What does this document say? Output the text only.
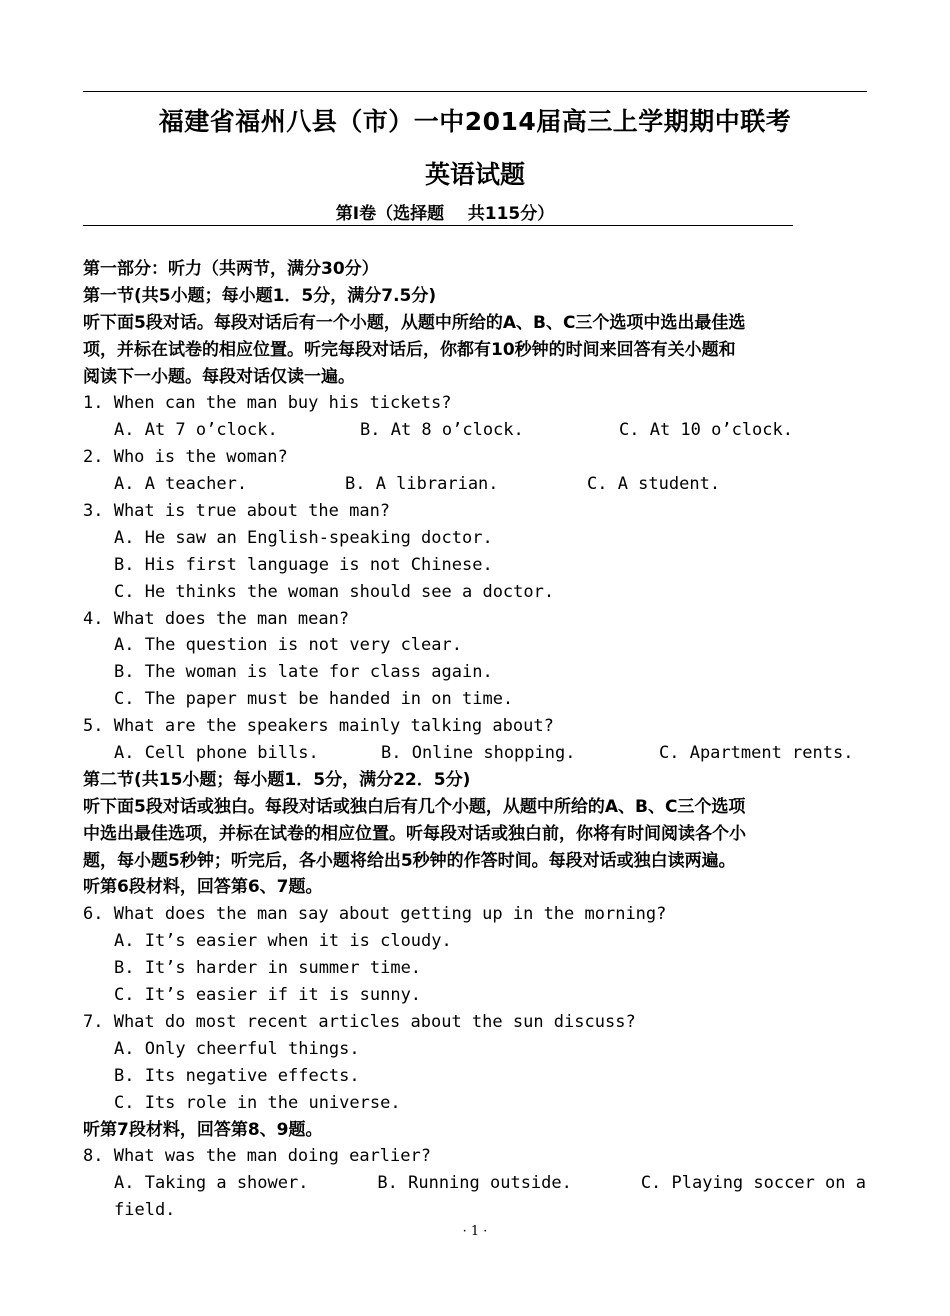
福建省福州八县（市）一中2014届高三上学期期中联考
英语试题
第Ⅰ卷（选择题    共115分）
第一部分：听力（共两节，满分30分）
第一节(共5小题；每小题1．5分，满分7.5分)
听下面5段对话。每段对话后有一个小题，从题中所给的A、B、C三个选项中选出最佳选
项，并标在试卷的相应位置。听完每段对话后，你都有10秒钟的时间来回答有关小题和
阅读下一小题。每段对话仅读一遍。
1. When can the man buy his tickets?
A. At 7 o’clock.	B. At 8 o’clock.	C. At 10 o’clock.
2. Who is the woman?
A. A teacher.	B. A librarian.	C. A student.
3. What is true about the man?
A. He saw an English-speaking doctor.
B. His first language is not Chinese.
C. He thinks the woman should see a doctor.
4. What does the man mean?
A. The question is not very clear.
B. The woman is late for class again.
C. The paper must be handed in on time.
5. What are the speakers mainly talking about?
A. Cell phone bills.	B. Online shopping.	C. Apartment rents.
第二节(共15小题；每小题1．5分，满分22．5分)
听下面5段对话或独白。每段对话或独白后有几个小题，从题中所给的A、B、C三个选项
中选出最佳选项，并标在试卷的相应位置。听每段对话或独白前，你将有时间阅读各个小
题，每小题5秒钟；听完后，各小题将给出5秒钟的作答时间。每段对话或独白读两遍。
听第6段材料，回答第6、7题。
6. What does the man say about getting up in the morning?
A. It’s easier when it is cloudy.
B. It’s harder in summer time.
C. It’s easier if it is sunny.
7. What do most recent articles about the sun discuss?
A. Only cheerful things.
B. Its negative effects.
C. Its role in the universe.
听第7段材料，回答第8、9题。
8. What was the man doing earlier?
A. Taking a shower.	B. Running outside.	C. Playing soccer on a
field.
· 1 ·
